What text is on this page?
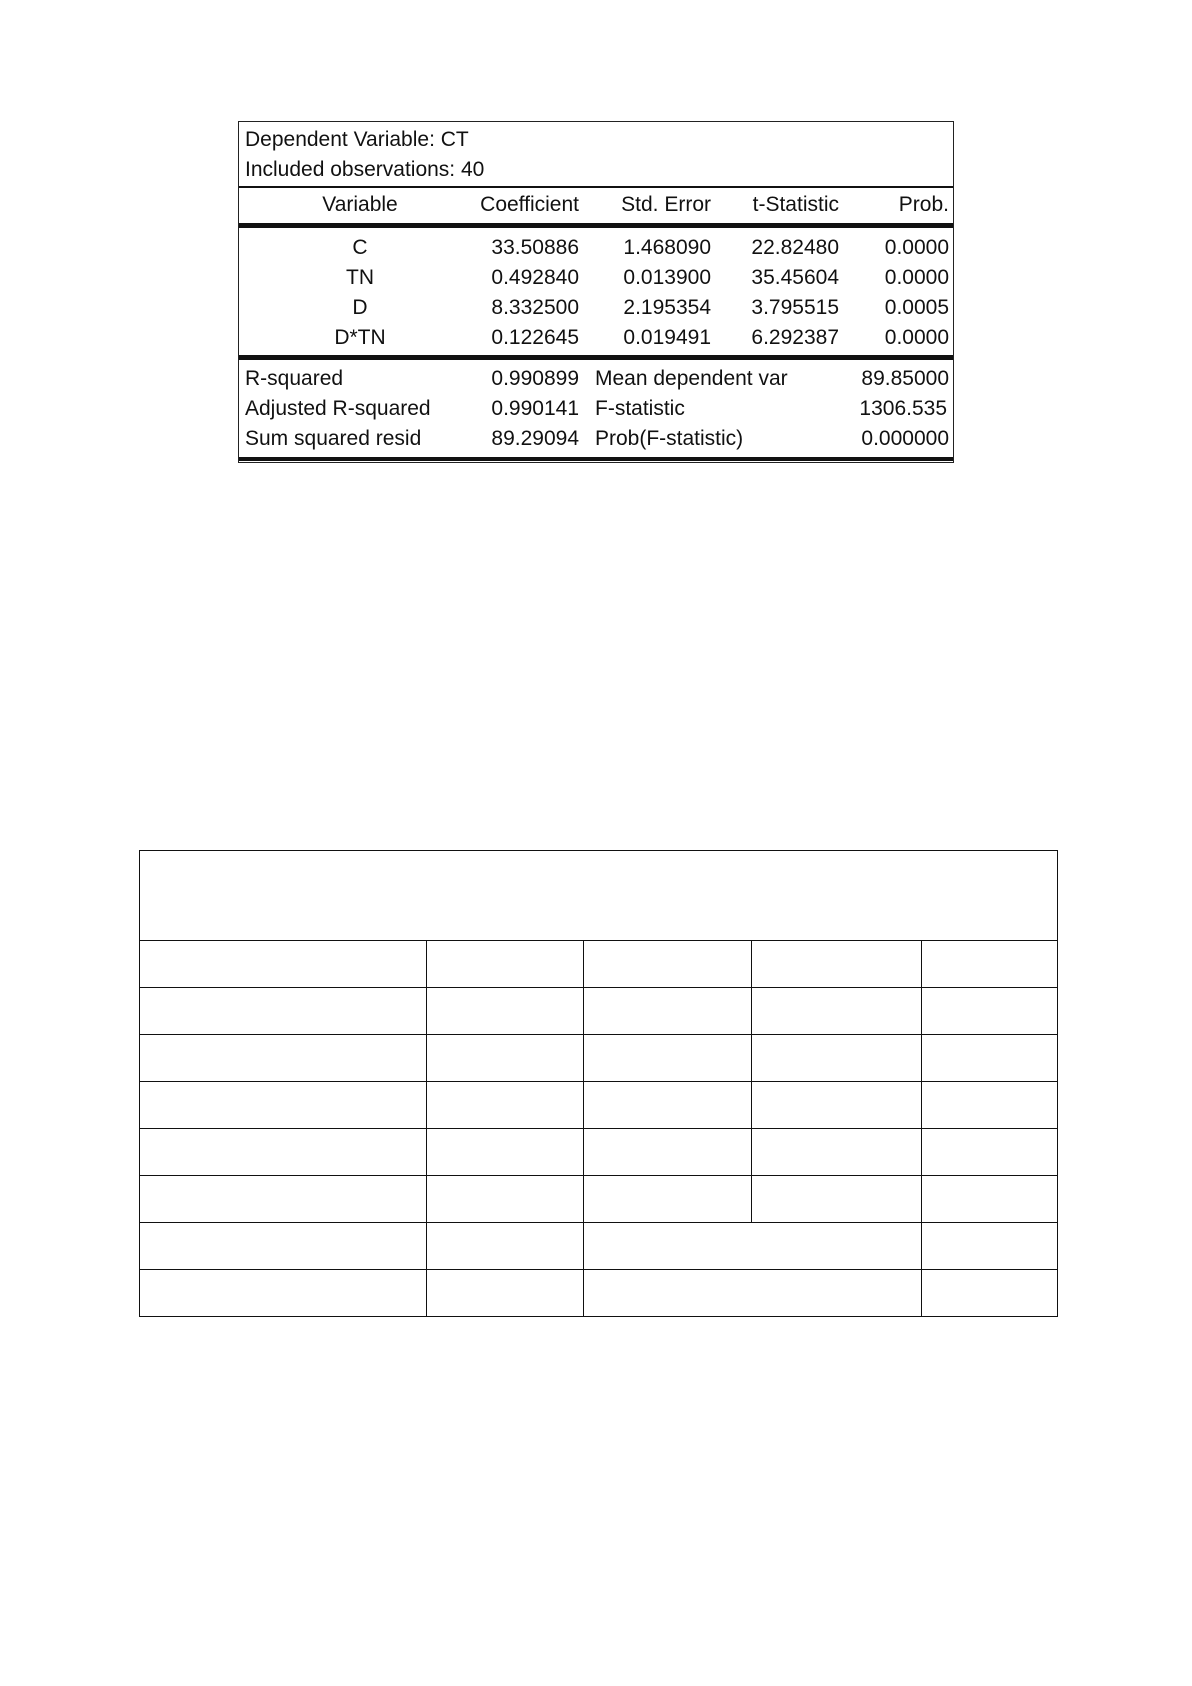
Dependent Variable: CT
Included observations: 40
Variable	Coefficient	Std. Error	t-Statistic	Prob.
C	33.50886	1.468090	22.82480	0.0000
TN	0.492840	0.013900	35.45604	0.0000
D	8.332500	2.195354	3.795515	0.0005
D*TN	0.122645	0.019491	6.292387	0.0000
R-squared	0.990899 Mean dependent var	89.85000
Adjusted R-squared	0.990141 F-statistic	1306.535
Sum squared resid	89.29094 Prob(F-statistic)	0.000000
